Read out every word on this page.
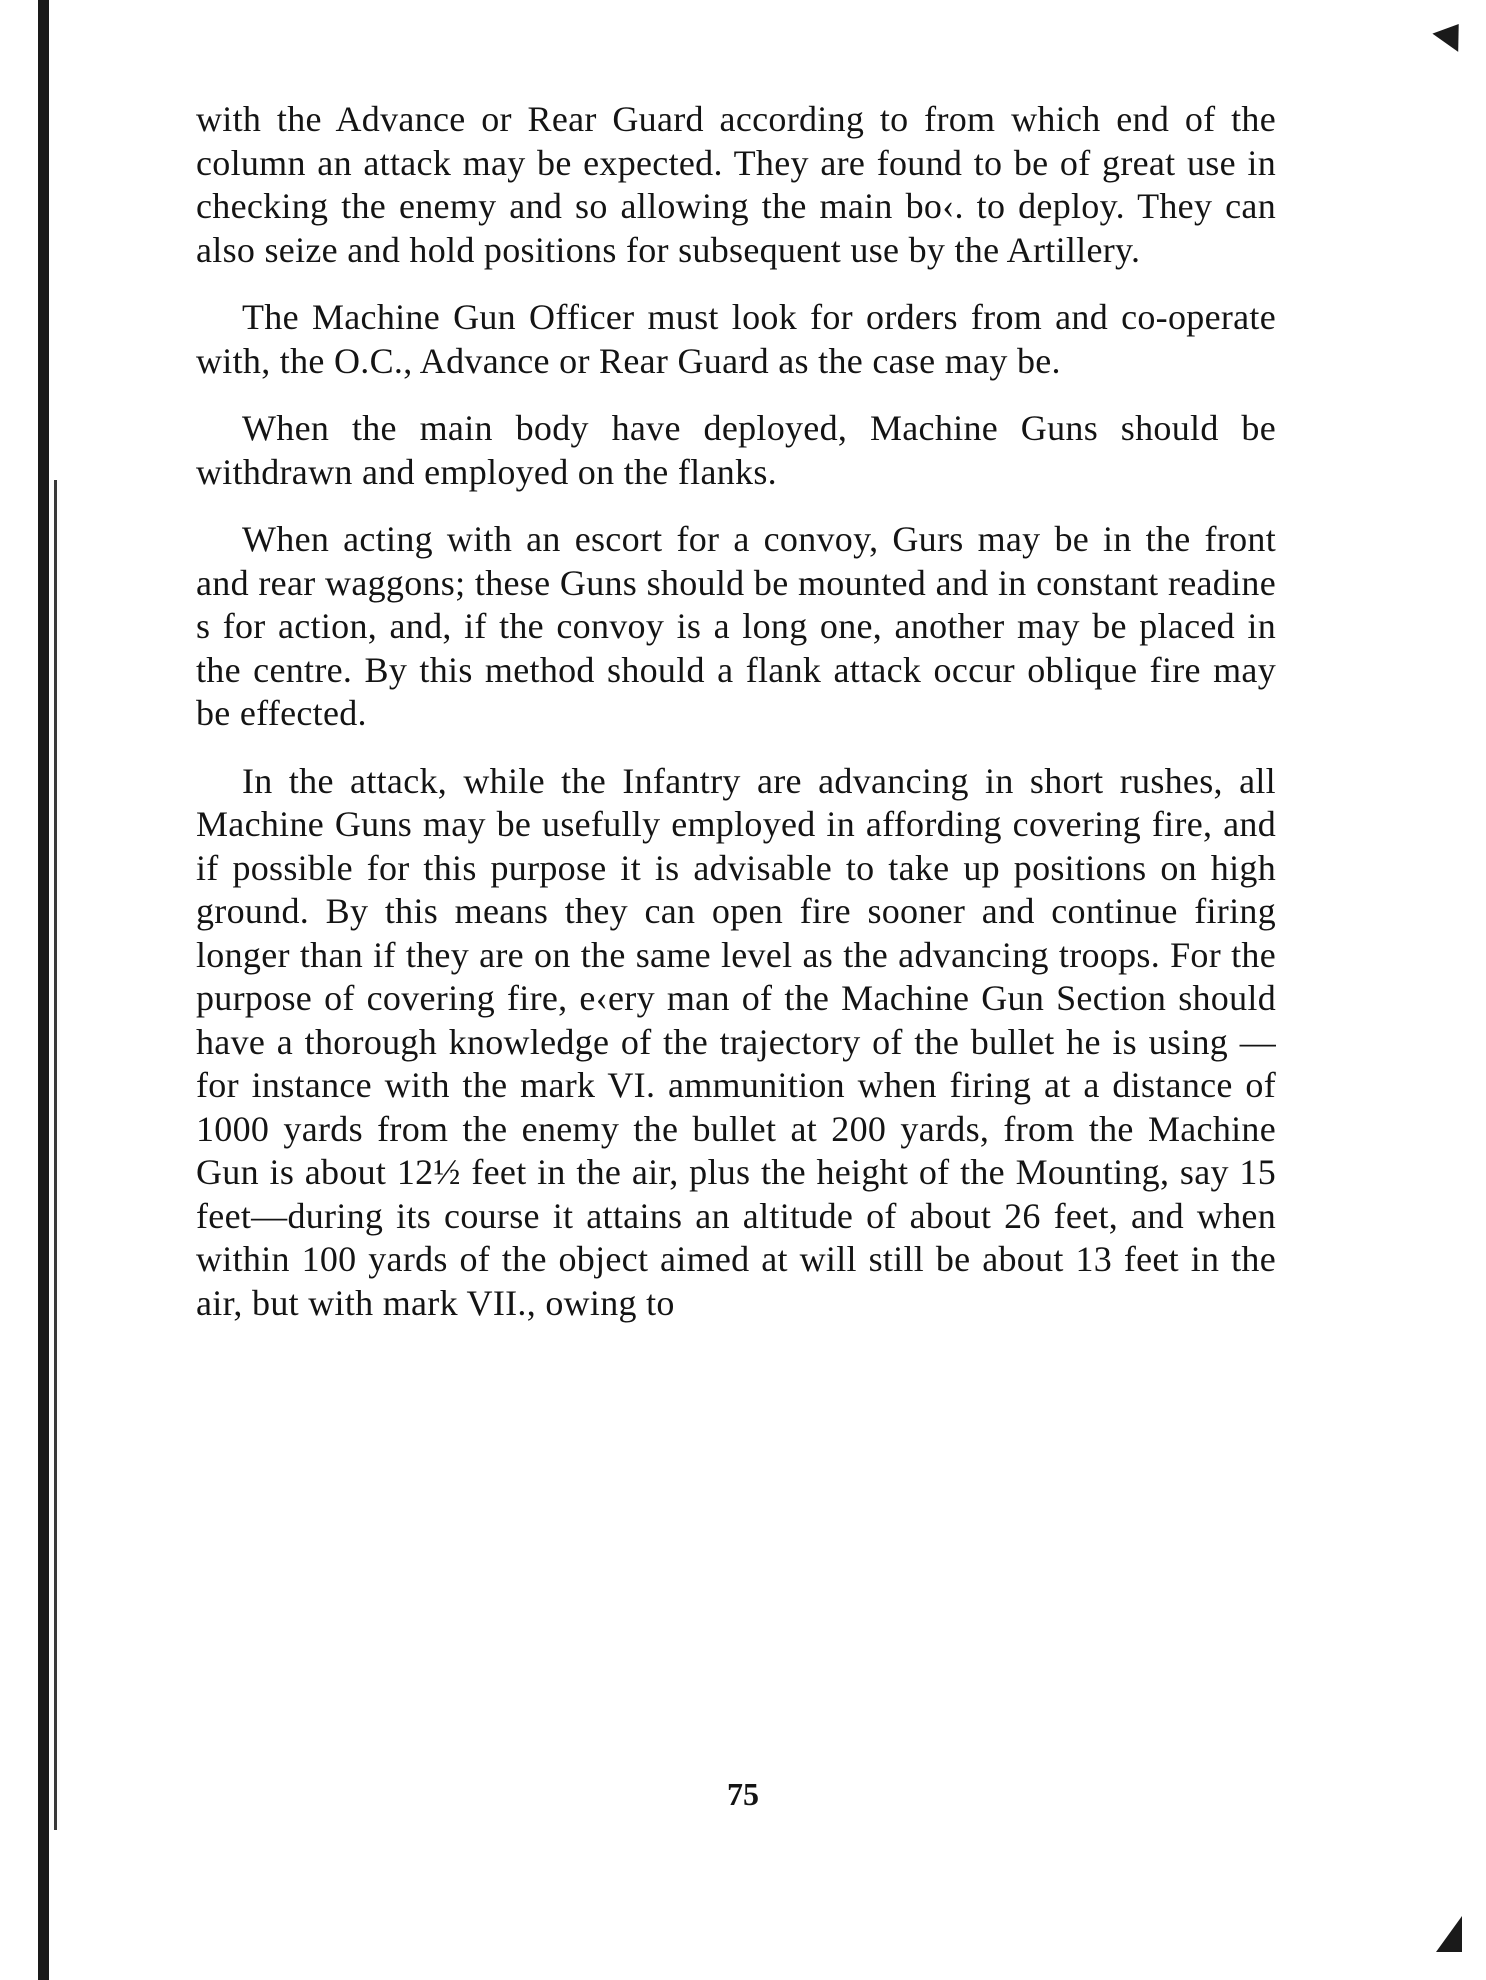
with the Advance or Rear Guard according to from which end of the column an attack may be expected. They are found to be of great use in checking the enemy and so allowing the main bo‹. to deploy. They can also seize and hold positions for subsequent use by the Artillery.

The Machine Gun Officer must look for orders from and co-operate with, the O.C., Advance or Rear Guard as the case may be.

When the main body have deployed, Machine Guns should be withdrawn and employed on the flanks.

When acting with an escort for a convoy, Gurs may be in the front and rear waggons; these Guns should be mounted and in constant readine s for action, and, if the convoy is a long one, another may be placed in the centre. By this method should a flank attack occur oblique fire may be effected.

In the attack, while the Infantry are advancing in short rushes, all Machine Guns may be usefully employed in affording covering fire, and if possible for this purpose it is advisable to take up positions on high ground. By this means they can open fire sooner and continue firing longer than if they are on the same level as the advancing troops. For the purpose of covering fire, e‹ery man of the Machine Gun Section should have a thorough knowledge of the trajectory of the bullet he is using —for instance with the mark VI. ammunition when firing at a distance of 1000 yards from the enemy the bullet at 200 yards, from the Machine Gun is about 12½ feet in the air, plus the height of the Mounting, say 15 feet—during its course it attains an altitude of about 26 feet, and when within 100 yards of the object aimed at will still be about 13 feet in the air, but with mark VII., owing to

75
